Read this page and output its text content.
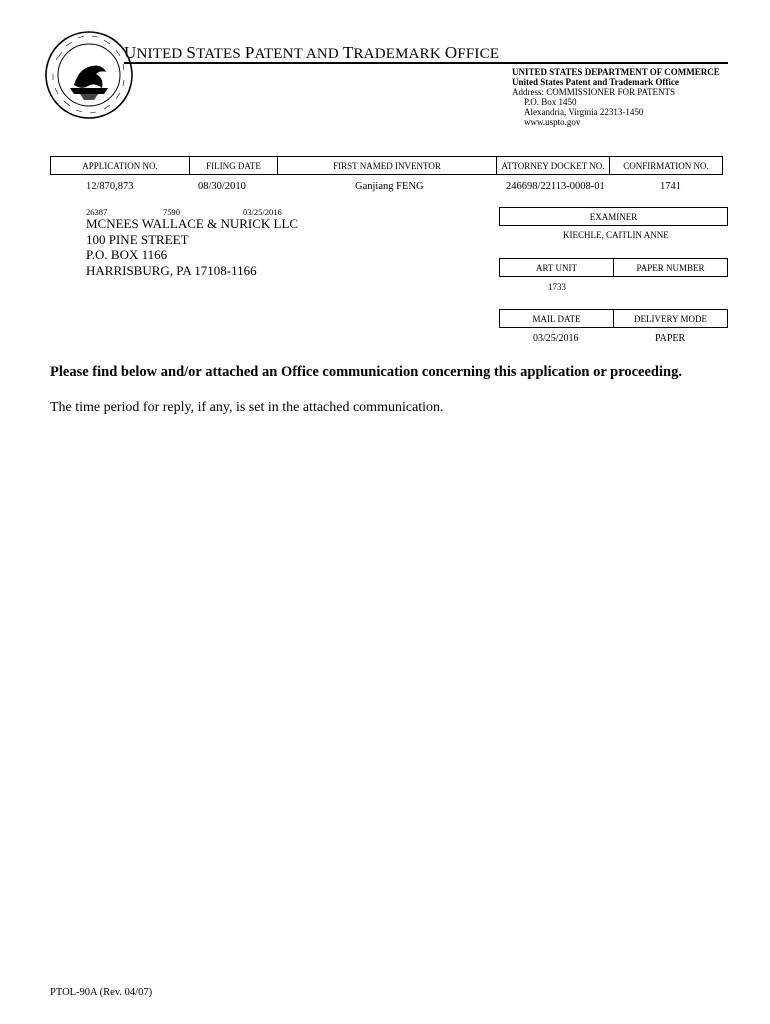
UNITED STATES PATENT AND TRADEMARK OFFICE
UNITED STATES DEPARTMENT OF COMMERCE
United States Patent and Trademark Office
Address: COMMISSIONER FOR PATENTS
P.O. Box 1450
Alexandria, Virginia 22313-1450
www.uspto.gov
APPLICATION NO.	FILING DATE	FIRST NAMED INVENTOR	ATTORNEY DOCKET NO.	CONFIRMATION NO.
12/870,873	08/30/2010	Ganjiang FENG	246698/22113-0008-01	1741
26387	7590	03/25/2016
MCNEES WALLACE & NURICK LLC
100 PINE STREET
P.O. BOX 1166
HARRISBURG, PA 17108-1166
EXAMINER
KIECHLE, CAITLIN ANNE
ART UNIT	PAPER NUMBER
1733
MAIL DATE	DELIVERY MODE
03/25/2016	PAPER
Please find below and/or attached an Office communication concerning this application or proceeding.
The time period for reply, if any, is set in the attached communication.
PTOL-90A (Rev. 04/07)
